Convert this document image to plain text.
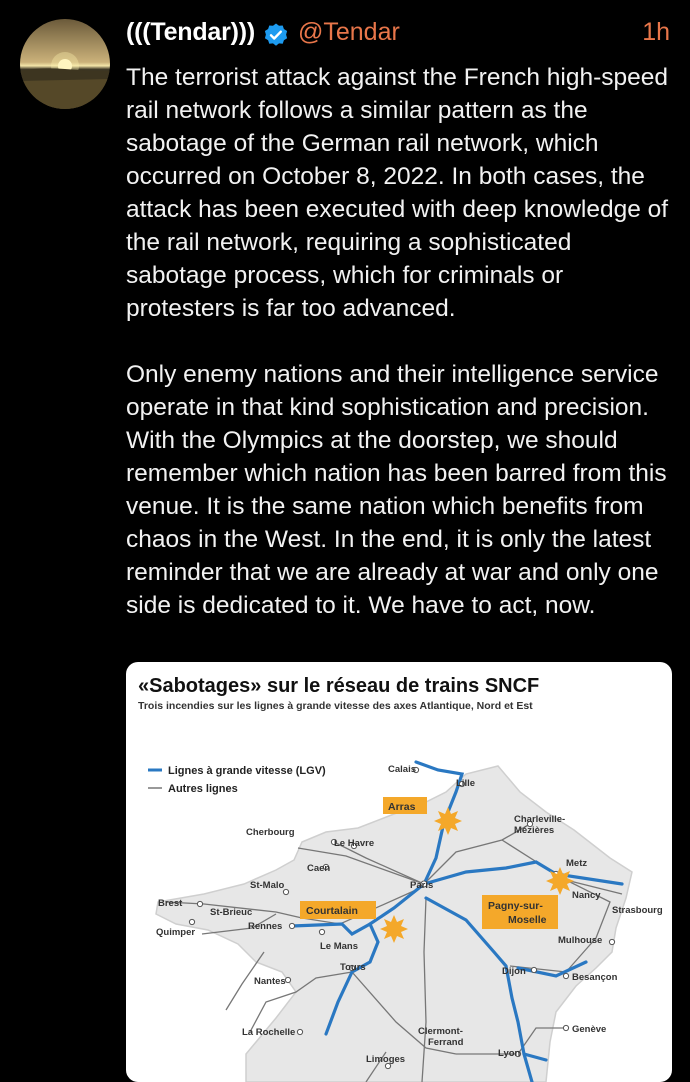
(((Tendar))) @Tendar	1h

The terrorist attack against the French high-speed rail network follows a similar pattern as the sabotage of the German rail network, which occurred on October 8, 2022. In both cases, the attack has been executed with deep knowledge of the rail network, requiring a sophisticated sabotage process, which for criminals or protesters is far too advanced.

Only enemy nations and their intelligence service operate in that kind sophistication and precision. With the Olympics at the doorstep, we should remember which nation has been barred from this venue. It is the same nation which benefits from chaos in the West. In the end, it is only the latest reminder that we are already at war and only one side is dedicated to it. We have to act, now.

«Sabotages» sur le réseau de trains SNCF
Trois incendies sur les lignes à grande vitesse des axes Atlantique, Nord et Est
Lignes à grande vitesse (LGV)
Autres lignes
Arras
Courtalain	Pagny-sur-
Moselle
Calais
Lille
Charleville-
Mézières
Cherbourg
Le Havre
Caen	Metz
St-Malo	Paris
Nancy
Brest
St-Brieuc	Strasbourg
Quimper
Rennes
Le Mans
Mulhouse
Tours
Nantes
Dijon
Besançon
La Rochelle	Clermont-
Ferrand
Genève
Limoges
Lyon
